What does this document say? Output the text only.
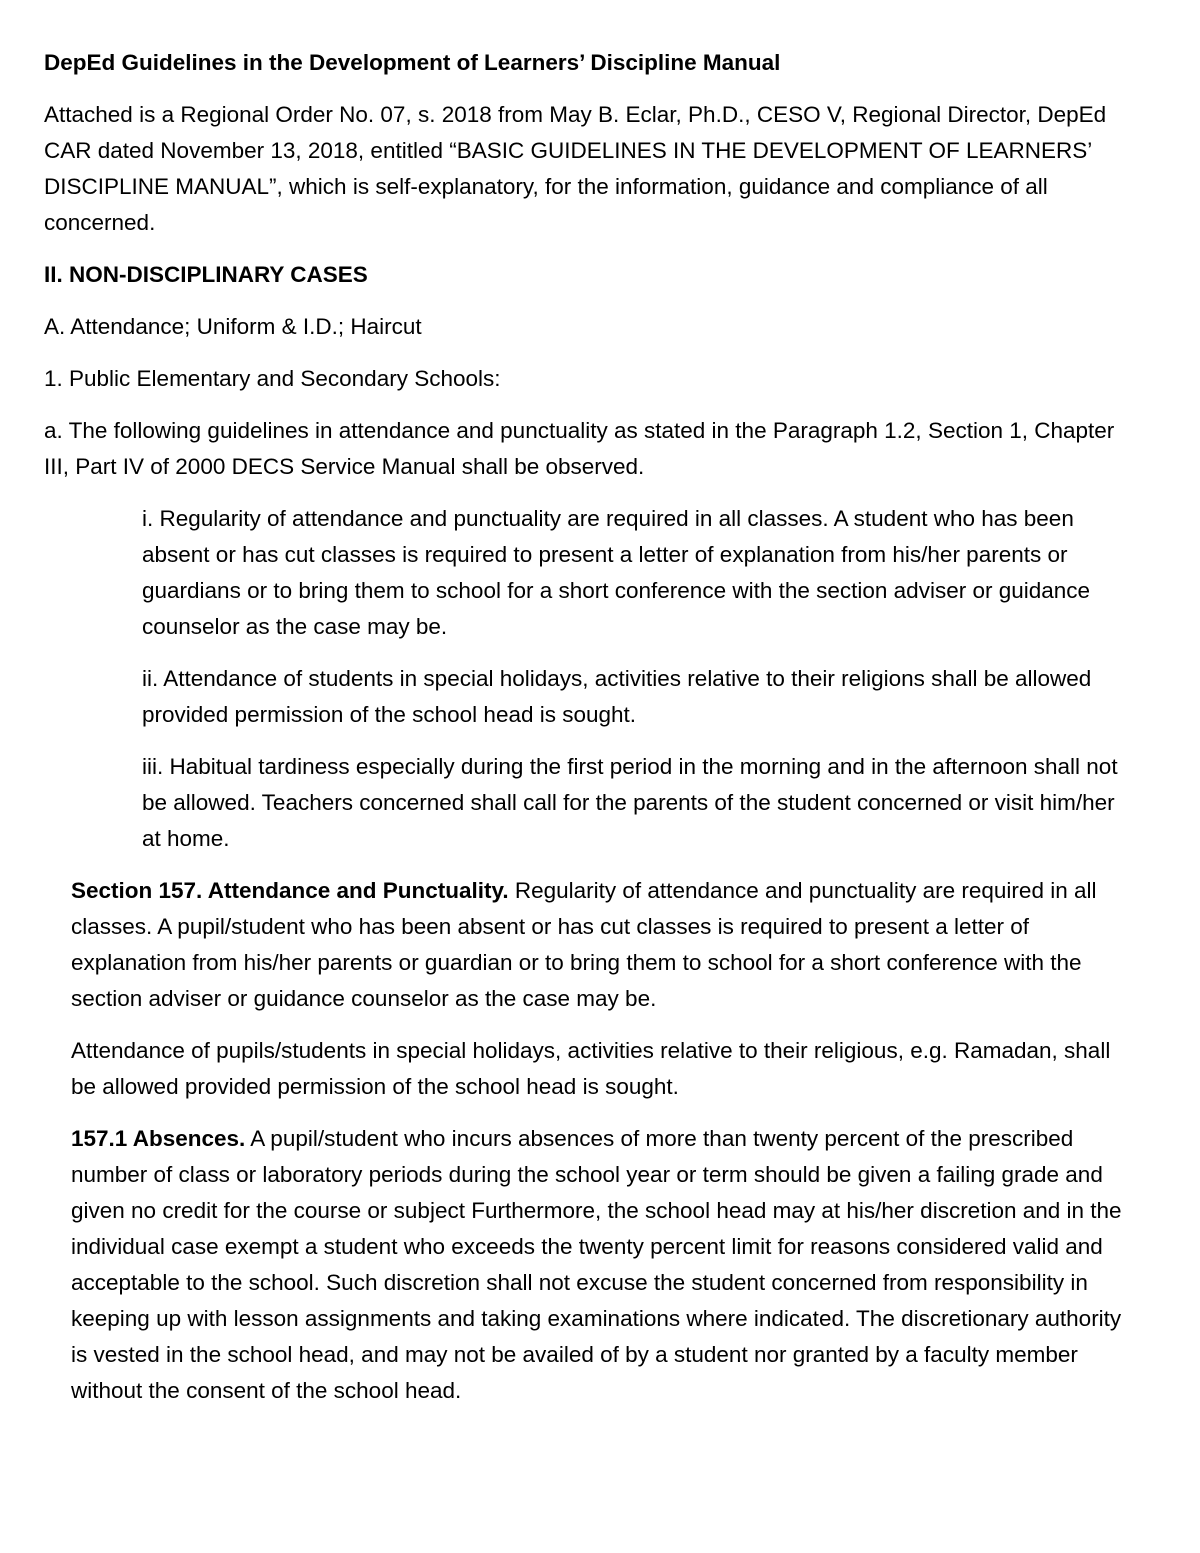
DepEd Guidelines in the Development of Learners’ Discipline Manual

Attached is a Regional Order No. 07, s. 2018 from May B. Eclar, Ph.D., CESO V, Regional Director, DepEd CAR dated November 13, 2018, entitled “BASIC GUIDELINES IN THE DEVELOPMENT OF LEARNERS’ DISCIPLINE MANUAL”, which is self-explanatory, for the information, guidance and compliance of all concerned.

II. NON-DISCIPLINARY CASES

A. Attendance; Uniform & I.D.; Haircut

1. Public Elementary and Secondary Schools:

a. The following guidelines in attendance and punctuality as stated in the Paragraph 1.2, Section 1, Chapter III, Part IV of 2000 DECS Service Manual shall be observed.

i. Regularity of attendance and punctuality are required in all classes. A student who has been absent or has cut classes is required to present a letter of explanation from his/her parents or guardians or to bring them to school for a short conference with the section adviser or guidance counselor as the case may be.

ii. Attendance of students in special holidays, activities relative to their religions shall be allowed provided permission of the school head is sought.

iii. Habitual tardiness especially during the first period in the morning and in the afternoon shall not be allowed. Teachers concerned shall call for the parents of the student concerned or visit him/her at home.

Section 157. Attendance and Punctuality. Regularity of attendance and punctuality are required in all classes. A pupil/student who has been absent or has cut classes is required to present a letter of explanation from his/her parents or guardian or to bring them to school for a short conference with the section adviser or guidance counselor as the case may be.

Attendance of pupils/students in special holidays, activities relative to their religious, e.g. Ramadan, shall be allowed provided permission of the school head is sought.

157.1 Absences. A pupil/student who incurs absences of more than twenty percent of the prescribed number of class or laboratory periods during the school year or term should be given a failing grade and given no credit for the course or subject Furthermore, the school head may at his/her discretion and in the individual case exempt a student who exceeds the twenty percent limit for reasons considered valid and acceptable to the school. Such discretion shall not excuse the student concerned from responsibility in keeping up with lesson assignments and taking examinations where indicated. The discretionary authority is vested in the school head, and may not be availed of by a student nor granted by a faculty member without the consent of the school head.
